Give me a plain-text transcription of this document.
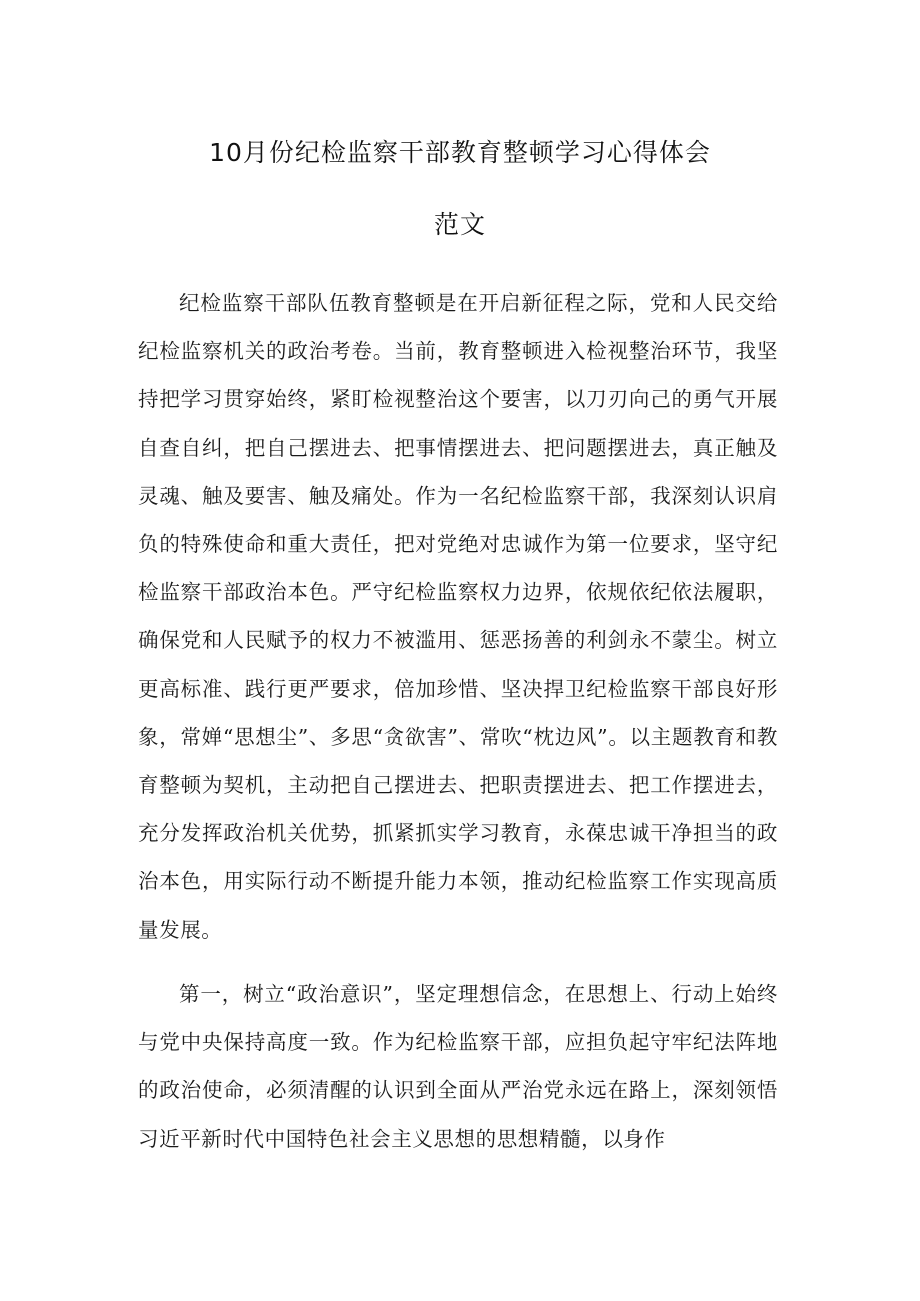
10月份纪检监察干部教育整顿学习心得体会
范文

纪检监察干部队伍教育整顿是在开启新征程之际，党和人民交给纪检监察机关的政治考卷。当前，教育整顿进入检视整治环节，我坚持把学习贯穿始终，紧盯检视整治这个要害，以刀刃向己的勇气开展自查自纠，把自己摆进去、把事情摆进去、把问题摆进去，真正触及灵魂、触及要害、触及痛处。作为一名纪检监察干部，我深刻认识肩负的特殊使命和重大责任，把对党绝对忠诚作为第一位要求，坚守纪检监察干部政治本色。严守纪检监察权力边界，依规依纪依法履职，确保党和人民赋予的权力不被滥用、惩恶扬善的利剑永不蒙尘。树立更高标准、践行更严要求，倍加珍惜、坚决捍卫纪检监察干部良好形象，常婵“思想尘”、多思“贪欲害”、常吹“枕边风”。以主题教育和教育整顿为契机，主动把自己摆进去、把职责摆进去、把工作摆进去，充分发挥政治机关优势，抓紧抓实学习教育，永葆忠诚干净担当的政治本色，用实际行动不断提升能力本领，推动纪检监察工作实现高质量发展。

第一，树立“政治意识”，坚定理想信念，在思想上、行动上始终与党中央保持高度一致。作为纪检监察干部，应担负起守牢纪法阵地的政治使命，必须清醒的认识到全面从严治党永远在路上，深刻领悟习近平新时代中国特色社会主义思想的思想精髓，以身作
